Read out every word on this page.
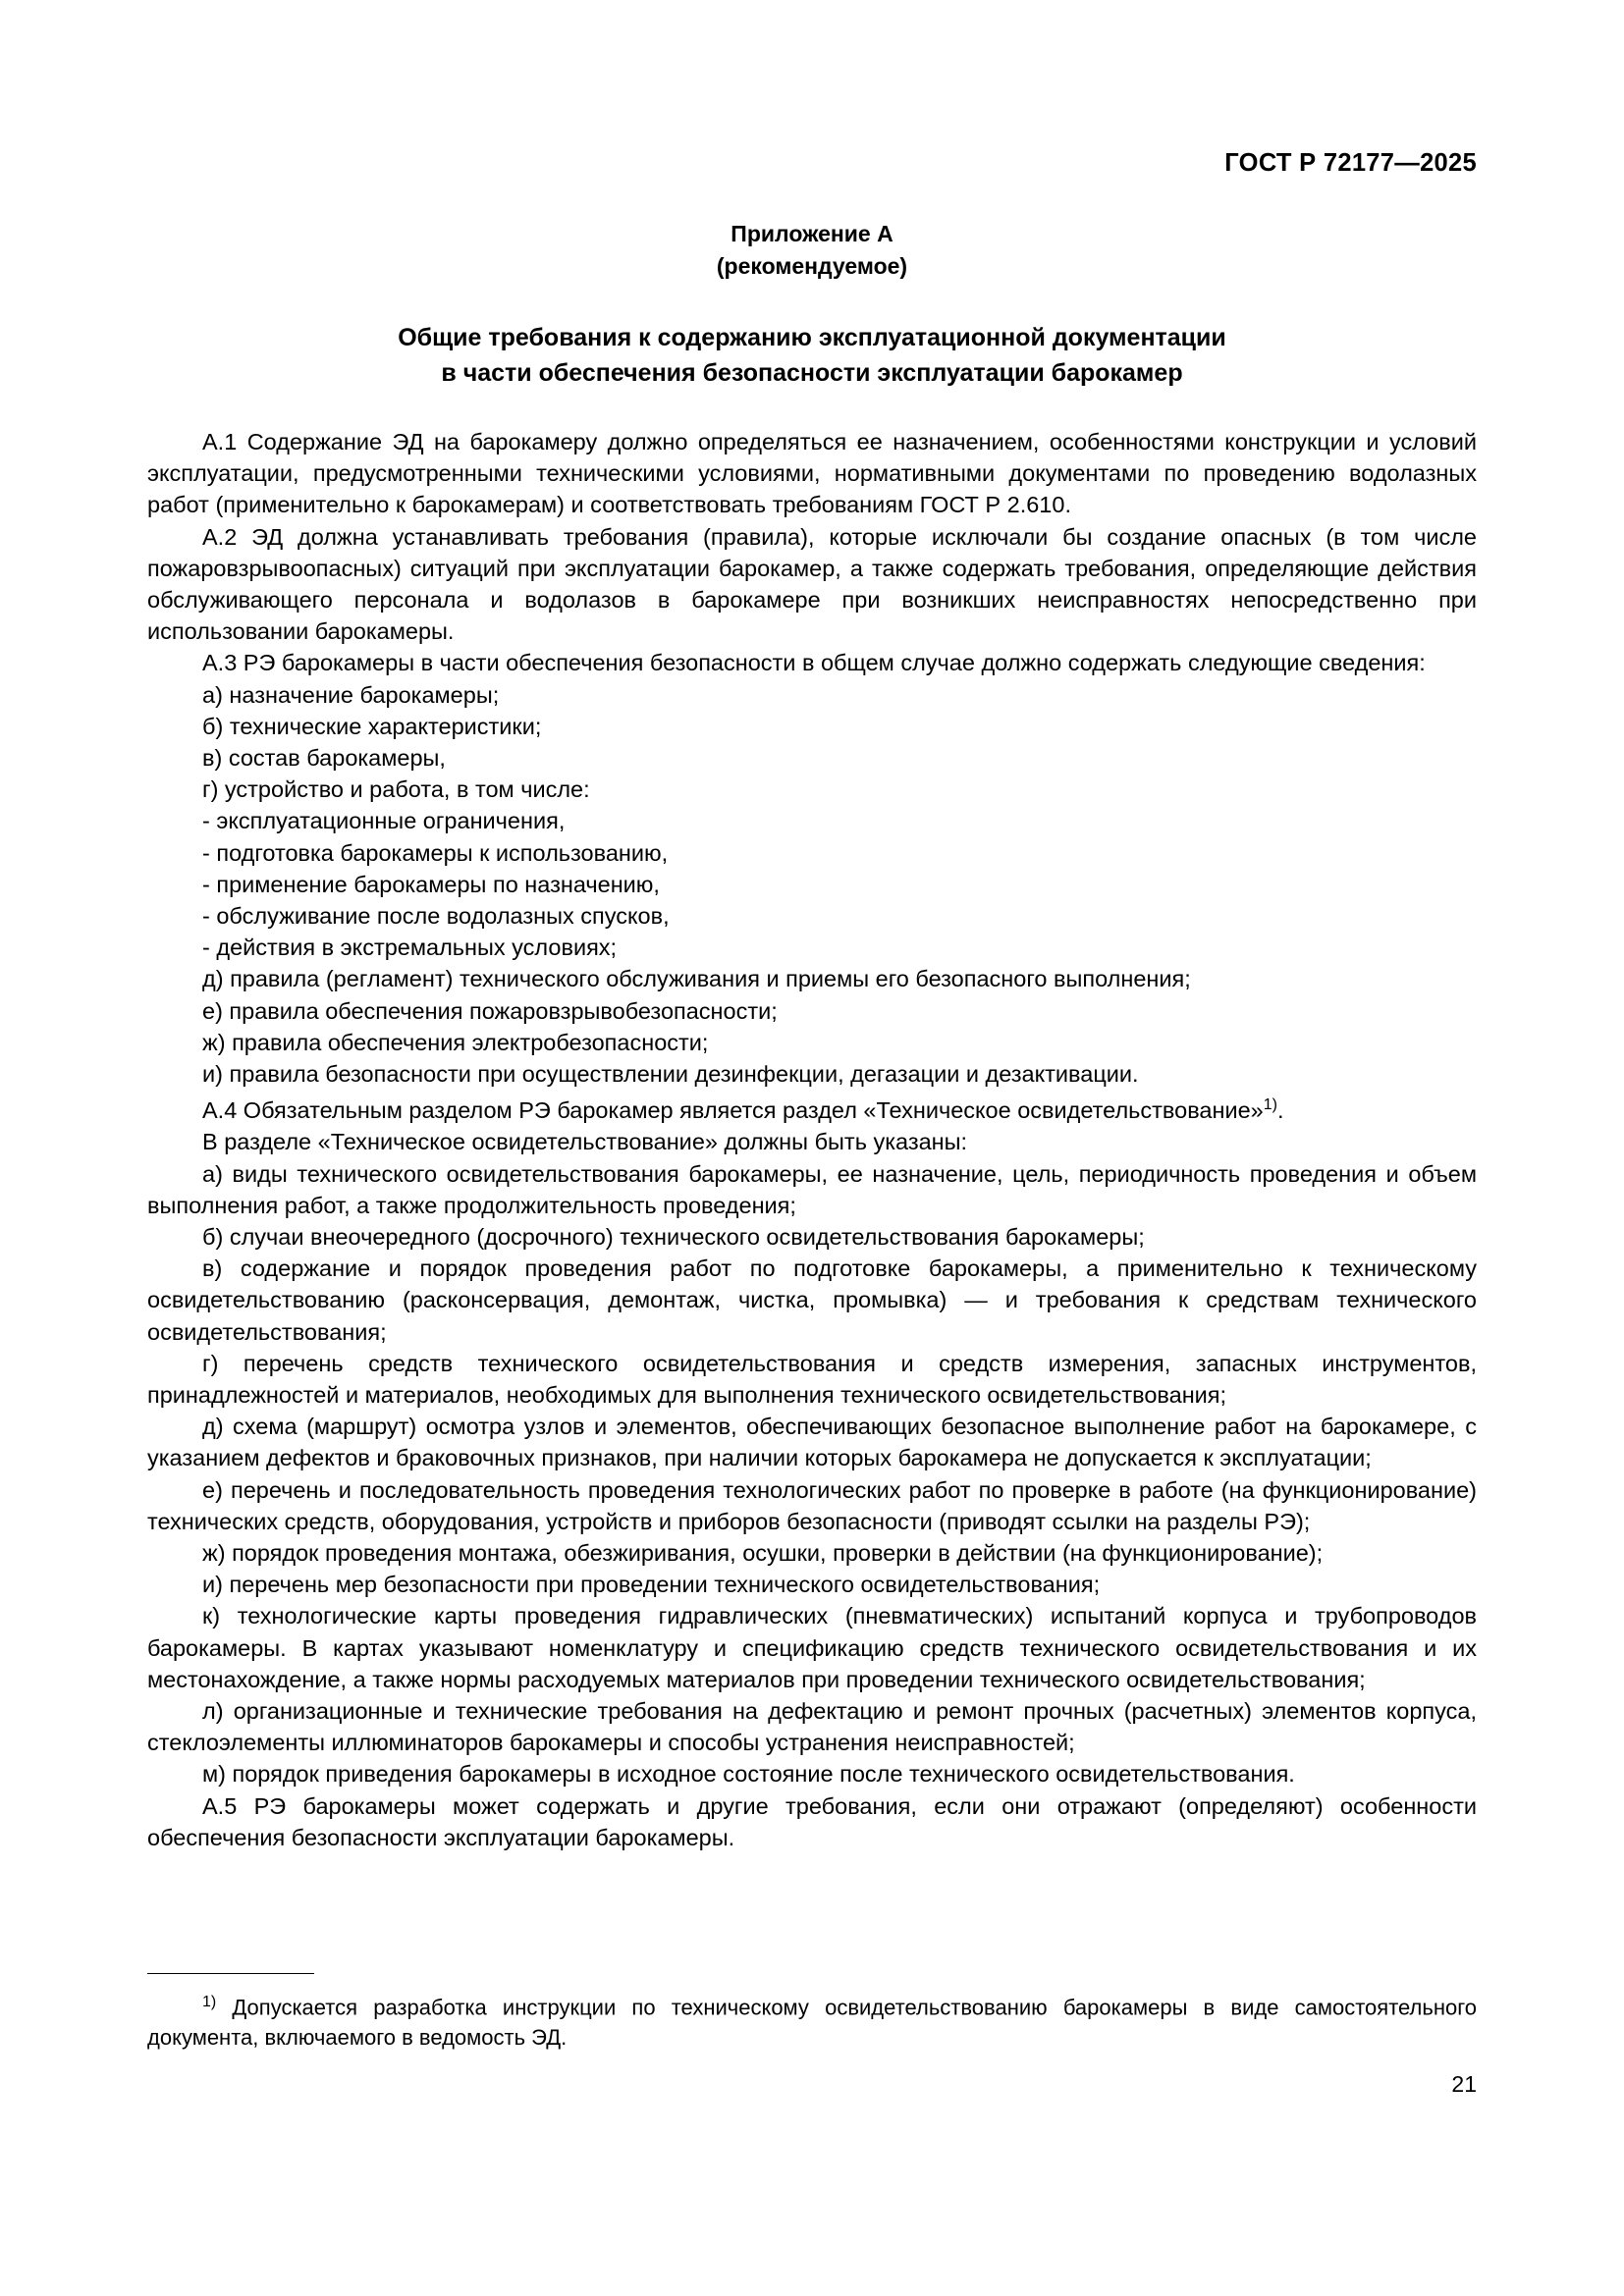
ГОСТ Р 72177—2025
Приложение А
(рекомендуемое)
Общие требования к содержанию эксплуатационной документации
в части обеспечения безопасности эксплуатации барокамер

А.1 Содержание ЭД на барокамеру должно определяться ее назначением, особенностями конструкции и условий эксплуатации, предусмотренными техническими условиями, нормативными документами по проведению водолазных работ (применительно к барокамерам) и соответствовать требованиям ГОСТ Р 2.610.

А.2 ЭД должна устанавливать требования (правила), которые исключали бы создание опасных (в том числе пожаровзрывоопасных) ситуаций при эксплуатации барокамер, а также содержать требования, определяющие действия обслуживающего персонала и водолазов в барокамере при возникших неисправностях непосредственно при использовании барокамеры.

А.3 РЭ барокамеры в части обеспечения безопасности в общем случае должно содержать следующие сведения:

а) назначение барокамеры;

б) технические характеристики;

в) состав барокамеры,

г) устройство и работа, в том числе:

- эксплуатационные ограничения,

- подготовка барокамеры к использованию,

- применение барокамеры по назначению,

- обслуживание после водолазных спусков,

- действия в экстремальных условиях;

д) правила (регламент) технического обслуживания и приемы его безопасного выполнения;

е) правила обеспечения пожаровзрывобезопасности;

ж) правила обеспечения электробезопасности;

и) правила безопасности при осуществлении дезинфекции, дегазации и дезактивации.

А.4 Обязательным разделом РЭ барокамер является раздел «Техническое освидетельствование»$^{1)}$.

В разделе «Техническое освидетельствование» должны быть указаны:

а) виды технического освидетельствования барокамеры, ее назначение, цель, периодичность проведения и объем выполнения работ, а также продолжительность проведения;

б) случаи внеочередного (досрочного) технического освидетельствования барокамеры;

в) содержание и порядок проведения работ по подготовке барокамеры, а применительно к техническому освидетельствованию (расконсервация, демонтаж, чистка, промывка) — и требования к средствам технического освидетельствования;

г) перечень средств технического освидетельствования и средств измерения, запасных инструментов, принадлежностей и материалов, необходимых для выполнения технического освидетельствования;

д) схема (маршрут) осмотра узлов и элементов, обеспечивающих безопасное выполнение работ на барокамере, с указанием дефектов и браковочных признаков, при наличии которых барокамера не допускается к эксплуатации;

е) перечень и последовательность проведения технологических работ по проверке в работе (на функционирование) технических средств, оборудования, устройств и приборов безопасности (приводят ссылки на разделы РЭ);

ж) порядок проведения монтажа, обезжиривания, осушки, проверки в действии (на функционирование);

и) перечень мер безопасности при проведении технического освидетельствования;

к) технологические карты проведения гидравлических (пневматических) испытаний корпуса и трубопроводов барокамеры. В картах указывают номенклатуру и спецификацию средств технического освидетельствования и их местонахождение, а также нормы расходуемых материалов при проведении технического освидетельствования;

л) организационные и технические требования на дефектацию и ремонт прочных (расчетных) элементов корпуса, стеклоэлементы иллюминаторов барокамеры и способы устранения неисправностей;

м) порядок приведения барокамеры в исходное состояние после технического освидетельствования.

А.5 РЭ барокамеры может содержать и другие требования, если они отражают (определяют) особенности обеспечения безопасности эксплуатации барокамеры.

$^{1)}$ Допускается разработка инструкции по техническому освидетельствованию барокамеры в виде самостоятельного документа, включаемого в ведомость ЭД.

21
